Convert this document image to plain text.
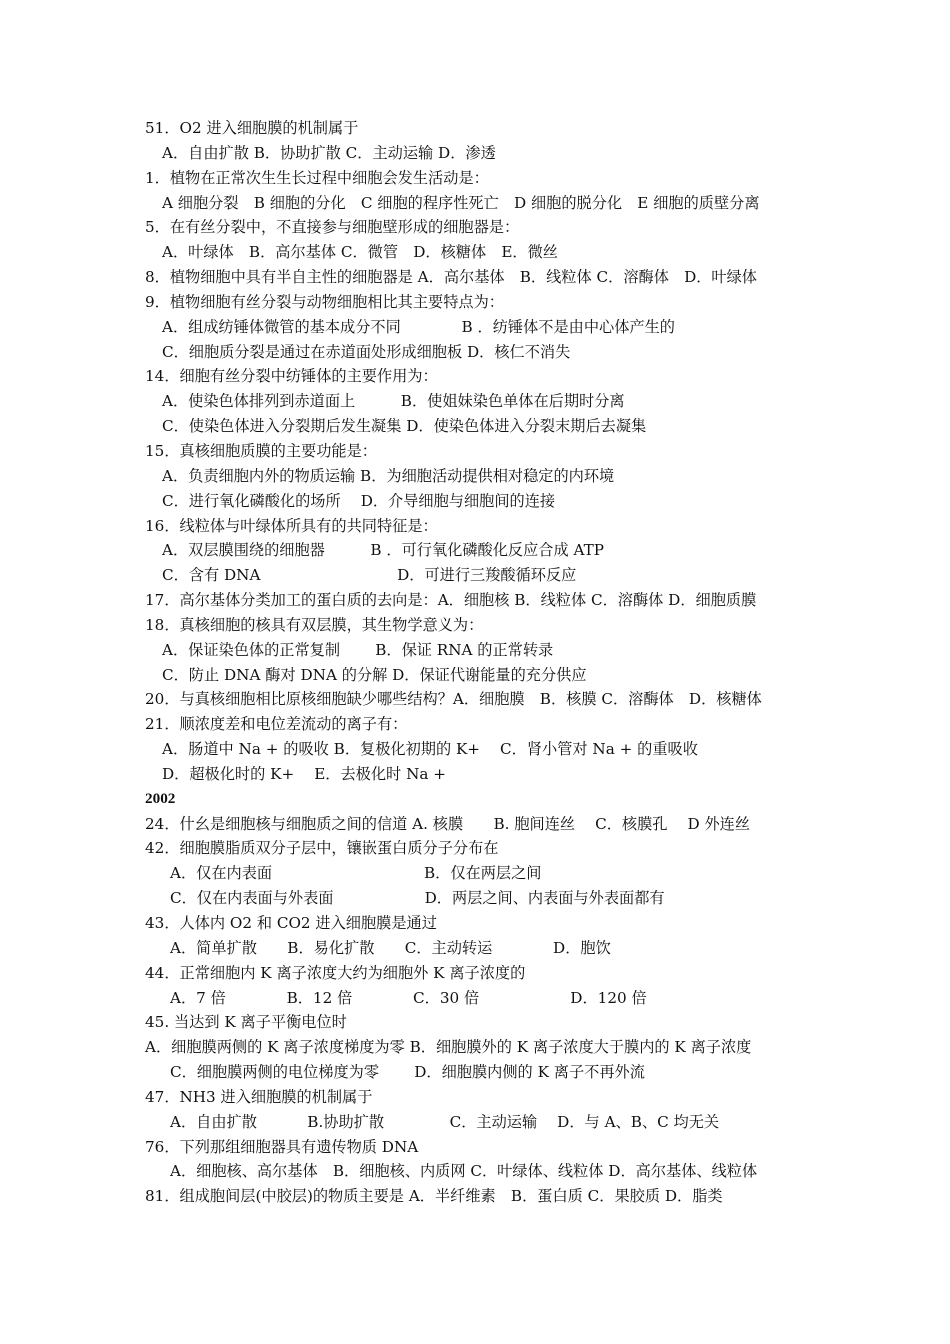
51．O2 进入细胞膜的机制属于
A．自由扩散 B．协助扩散 C．主动运输 D．渗透
1．植物在正常次生生长过程中细胞会发生活动是：
A 细胞分裂　B 细胞的分化　C 细胞的程序性死亡　D 细胞的脱分化　E 细胞的质壁分离
5．在有丝分裂中，不直接参与细胞壁形成的细胞器是：
A．叶绿体　B．高尔基体 C．微管　D．核糖体　E．微丝
8．植物细胞中具有半自主性的细胞器是 A．高尔基体　B．线粒体 C．溶酶体　D．叶绿体
9．植物细胞有丝分裂与动物细胞相比其主要特点为：
A．组成纺锤体微管的基本成分不同　　　　B ．纺锤体不是由中心体产生的
C．细胞质分裂是通过在赤道面处形成细胞板 D．核仁不消失
14．细胞有丝分裂中纺锤体的主要作用为：
A．使染色体排列到赤道面上　　　B．使姐妹染色单体在后期时分离
C．使染色体进入分裂期后发生凝集 D．使染色体进入分裂末期后去凝集
15．真核细胞质膜的主要功能是：
A．负责细胞内外的物质运输 B．为细胞活动提供相对稳定的内环境
C．进行氧化磷酸化的场所　 D．介导细胞与细胞间的连接
16．线粒体与叶绿体所具有的共同特征是：
A．双层膜围绕的细胞器　　　B ．可行氧化磷酸化反应合成 ATP
C．含有 DNA　　　　　　　　　D．可进行三羧酸循环反应
17．高尔基体分类加工的蛋白质的去向是：A．细胞核 B．线粒体 C．溶酶体 D．细胞质膜
18．真核细胞的核具有双层膜，其生物学意义为：
A．保证染色体的正常复制　　 B．保证 RNA 的正常转录
C．防止 DNA 酶对 DNA 的分解 D．保证代谢能量的充分供应
20．与真核细胞相比原核细胞缺少哪些结构？A．细胞膜　B．核膜 C．溶酶体　D．核糖体
21．顺浓度差和电位差流动的离子有：
A．肠道中 Na + 的吸收 B．复极化初期的 K+　 C．肾小管对 Na + 的重吸收
D．超极化时的 K+　 E．去极化时 Na +
2002
24．什幺是细胞核与细胞质之间的信道 A. 核膜　　B. 胞间连丝　 C．核膜孔　 D 外连丝
42．细胞膜脂质双分子层中，镶嵌蛋白质分子分布在
A．仅在内表面　　　　　　　　　　B．仅在两层之间
C．仅在内表面与外表面　　　　　　D．两层之间、内表面与外表面都有
43．人体内 O2 和 CO2 进入细胞膜是通过
A．简单扩散　　B．易化扩散　　C．主动转运　　　　D．胞饮
44．正常细胞内 K 离子浓度大约为细胞外 K 离子浓度的
A．7 倍　　　　B．12 倍　　　　C．30 倍　　　　　　D．120 倍
45. 当达到 K 离子平衡电位时
A．细胞膜两侧的 K 离子浓度梯度为零 B．细胞膜外的 K 离子浓度大于膜内的 K 离子浓度
C．细胞膜两侧的电位梯度为零　　 D．细胞膜内侧的 K 离子不再外流
47．NH3 进入细胞膜的机制属于
A．自由扩散　　　 B.协助扩散　　　　 C．主动运输　 D．与 A、B、C 均无关
76．下列那组细胞器具有遗传物质 DNA
A．细胞核、高尔基体　B．细胞核、内质网 C．叶绿体、线粒体 D．高尔基体、线粒体
81．组成胞间层(中胶层)的物质主要是 A．半纤维素　B．蛋白质 C．果胶质 D．脂类
